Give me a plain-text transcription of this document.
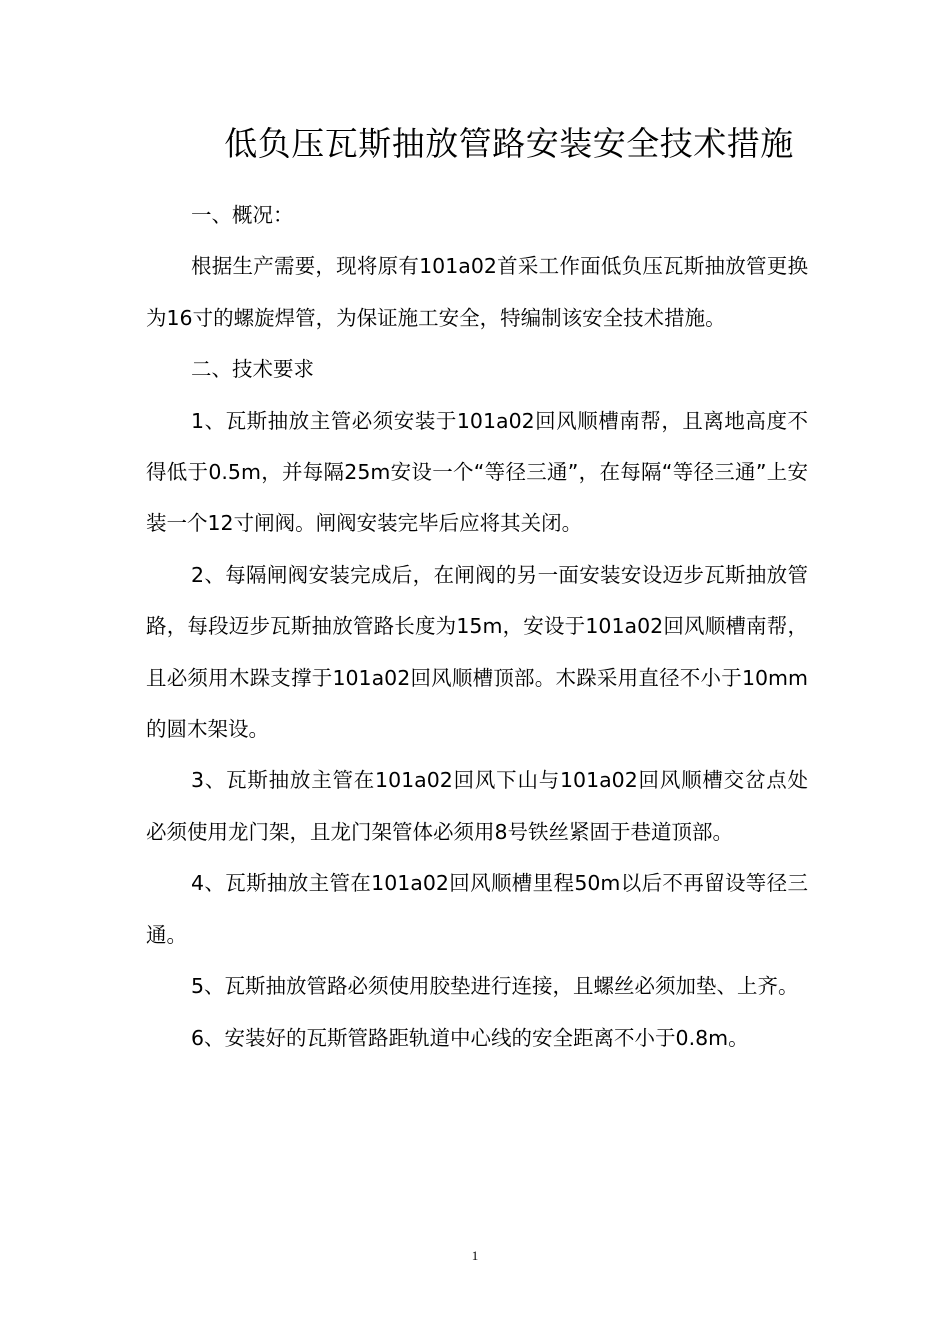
低负压瓦斯抽放管路安装安全技术措施

一、概况：

根据生产需要，现将原有101a02首采工作面低负压瓦斯抽放管更换为16寸的螺旋焊管，为保证施工安全，特编制该安全技术措施。

二、技术要求

1、瓦斯抽放主管必须安装于101a02回风顺槽南帮，且离地高度不得低于0.5m，并每隔25m安设一个“等径三通”，在每隔“等径三通”上安装一个12寸闸阀。闸阀安装完毕后应将其关闭。

2、每隔闸阀安装完成后，在闸阀的另一面安装安设迈步瓦斯抽放管路，每段迈步瓦斯抽放管路长度为15m，安设于101a02回风顺槽南帮，且必须用木跺支撑于101a02回风顺槽顶部。木跺采用直径不小于10mm的圆木架设。

3、瓦斯抽放主管在101a02回风下山与101a02回风顺槽交岔点处必须使用龙门架，且龙门架管体必须用8号铁丝紧固于巷道顶部。

4、瓦斯抽放主管在101a02回风顺槽里程50m以后不再留设等径三通。

5、瓦斯抽放管路必须使用胶垫进行连接，且螺丝必须加垫、上齐。

6、安装好的瓦斯管路距轨道中心线的安全距离不小于0.8m。

1
